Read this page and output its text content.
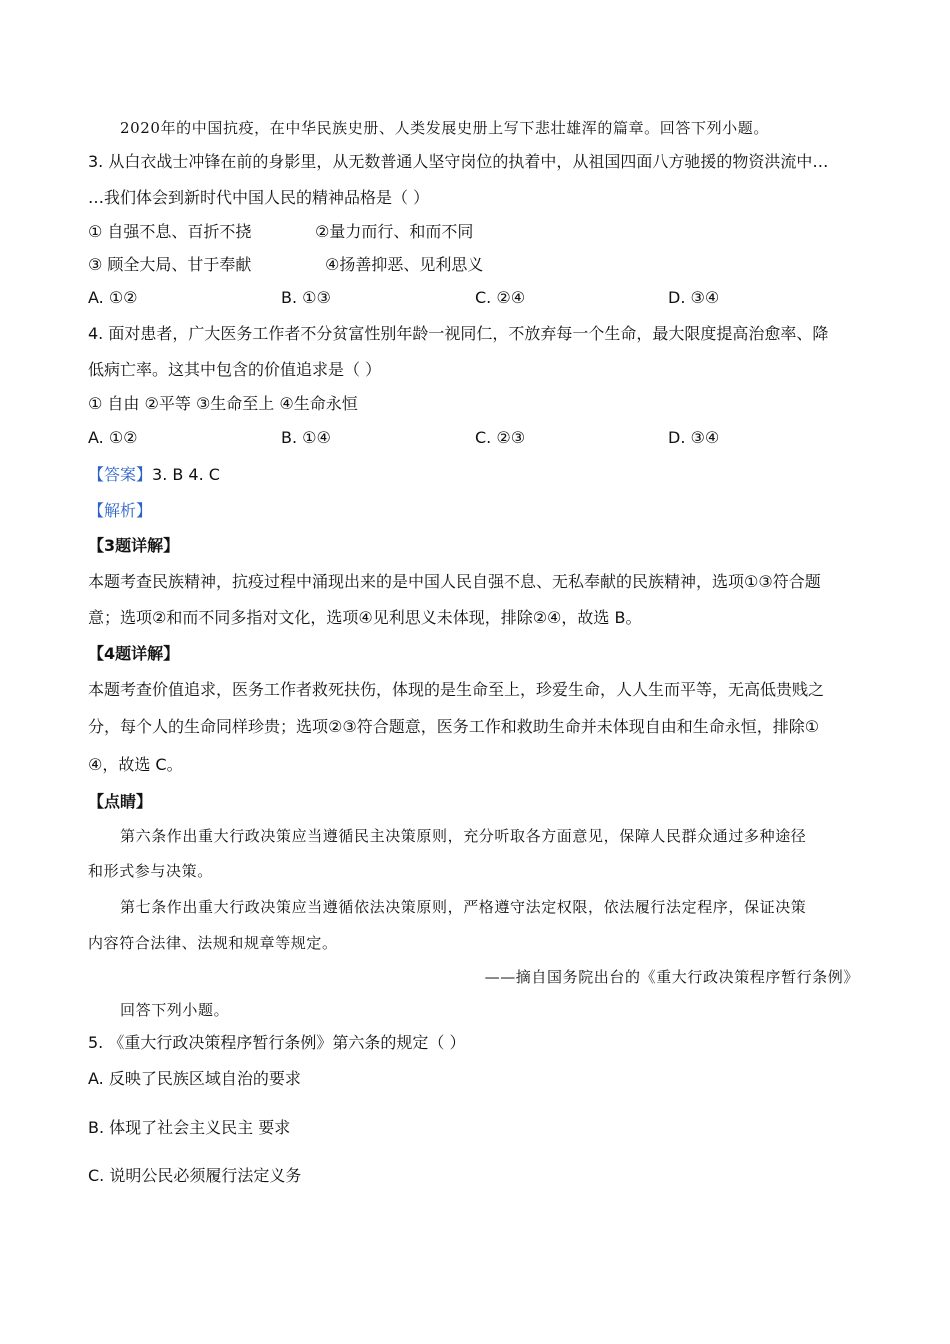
2020年的中国抗疫，在中华民族史册、人类发展史册上写下悲壮雄浑的篇章。回答下列小题。
3. 从白衣战士冲锋在前的身影里，从无数普通人坚守岗位的执着中，从祖国四面八方驰援的物资洪流中…
…我们体会到新时代中国人民的精神品格是（ ）
① 自强不息、百折不挠	②量力而行、和而不同
③ 顾全大局、甘于奉献	④扬善抑恶、见利思义
A. ①②	B. ①③	C. ②④	D. ③④
4. 面对患者，广大医务工作者不分贫富性别年龄一视同仁，不放弃每一个生命，最大限度提高治愈率、降
低病亡率。这其中包含的价值追求是（ ）
① 自由 ②平等 ③生命至上 ④生命永恒
A. ①②	B. ①④	C. ②③	D. ③④
【答案】3. B 4. C
【解析】
【3题详解】
本题考查民族精神，抗疫过程中涌现出来的是中国人民自强不息、无私奉献的民族精神，选项①③符合题
意；选项②和而不同多指对文化，选项④见利思义未体现，排除②④，故选 B。
【4题详解】
本题考查价值追求，医务工作者救死扶伤，体现的是生命至上，珍爱生命，人人生而平等，无高低贵贱之
分，每个人的生命同样珍贵；选项②③符合题意，医务工作和救助生命并未体现自由和生命永恒，排除①
④，故选 C。
【点睛】
第六条作出重大行政决策应当遵循民主决策原则，充分听取各方面意见，保障人民群众通过多种途径
和形式参与决策。
第七条作出重大行政决策应当遵循依法决策原则，严格遵守法定权限，依法履行法定程序，保证决策
内容符合法律、法规和规章等规定。
——摘自国务院出台的《重大行政决策程序暂行条例》
回答下列小题。
5. 《重大行政决策程序暂行条例》第六条的规定（ ）
A. 反映了民族区域自治的要求
B. 体现了社会主义民主 要求
C. 说明公民必须履行法定义务
